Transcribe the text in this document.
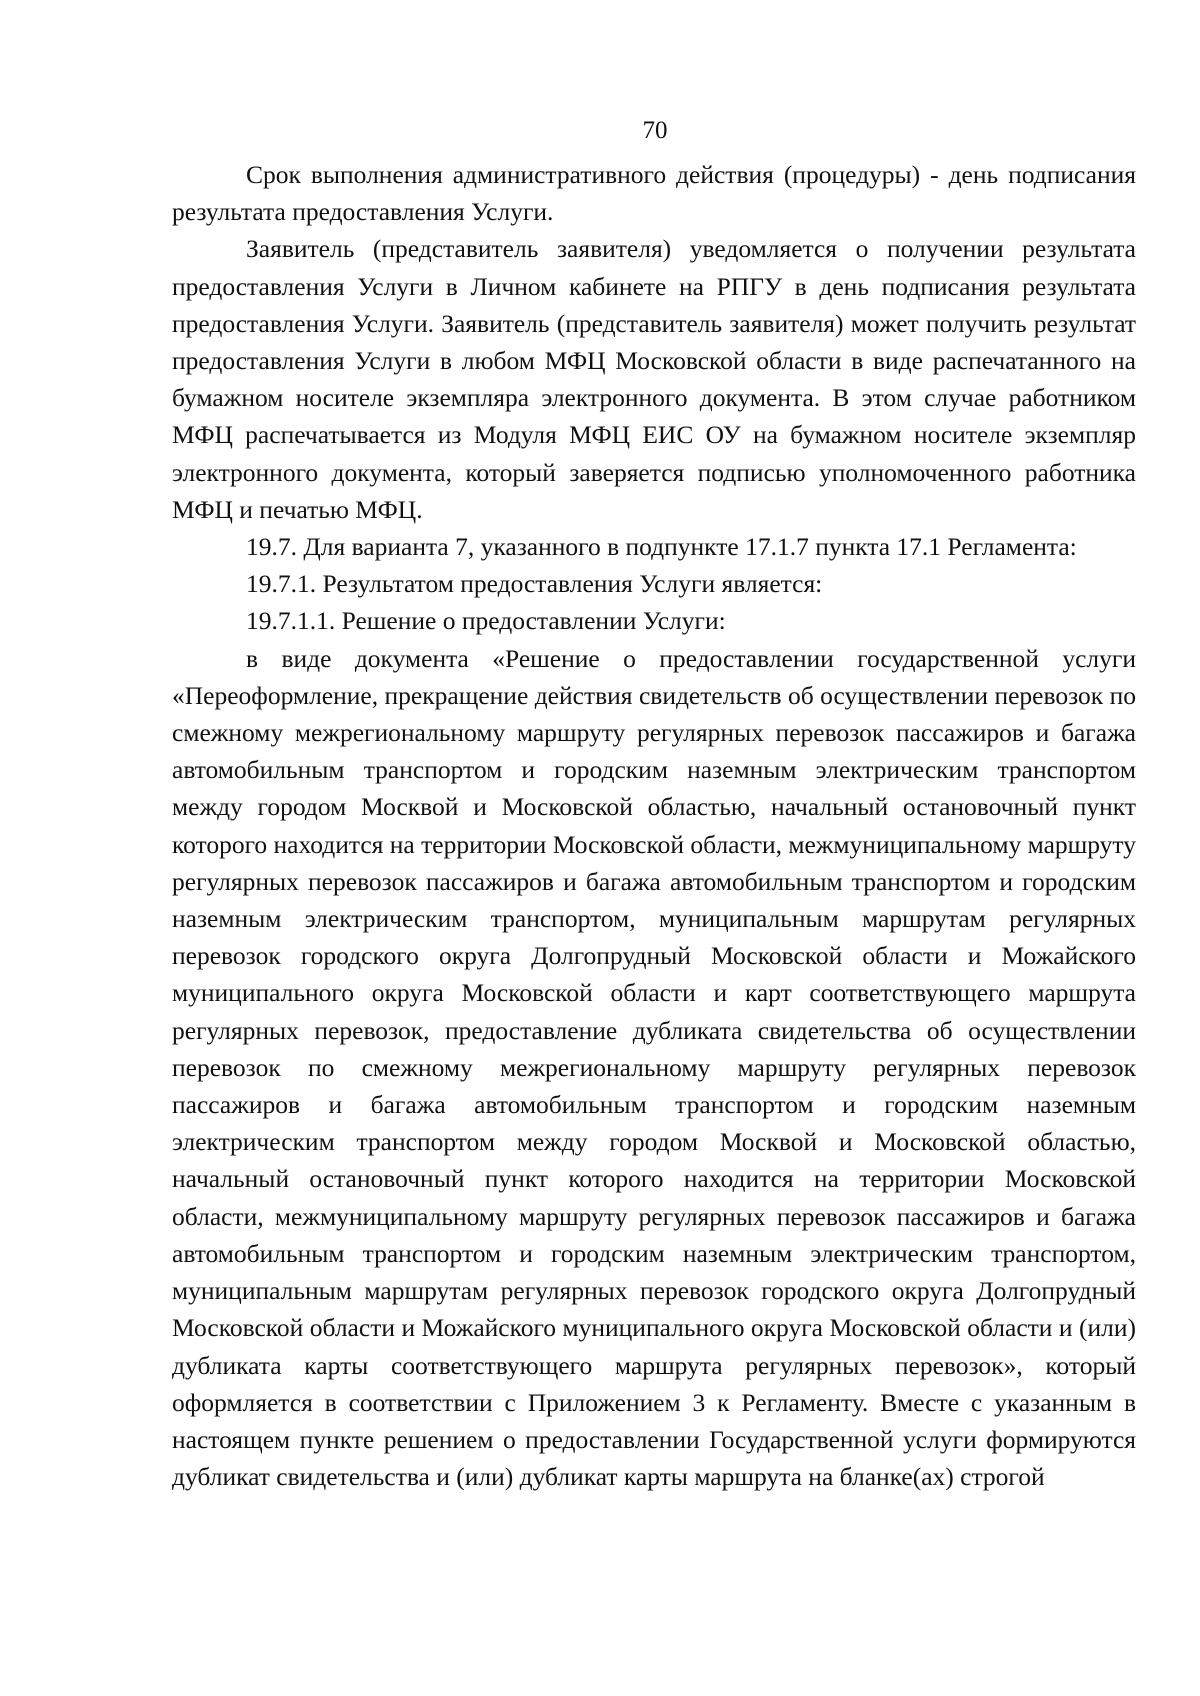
70

Срок выполнения административного действия (процедуры) - день подписания результата предоставления Услуги.

Заявитель (представитель заявителя) уведомляется о получении результата предоставления Услуги в Личном кабинете на РПГУ в день подписания результата предоставления Услуги. Заявитель (представитель заявителя) может получить результат предоставления Услуги в любом МФЦ Московской области в виде распечатанного на бумажном носителе экземпляра электронного документа. В этом случае работником МФЦ распечатывается из Модуля МФЦ ЕИС ОУ на бумажном носителе экземпляр электронного документа, который заверяется подписью уполномоченного работника МФЦ и печатью МФЦ.

19.7. Для варианта 7, указанного в подпункте 17.1.7 пункта 17.1 Регламента:

19.7.1. Результатом предоставления Услуги является:

19.7.1.1. Решение о предоставлении Услуги:

в виде документа «Решение о предоставлении государственной услуги «Переоформление, прекращение действия свидетельств об осуществлении перевозок по смежному межрегиональному маршруту регулярных перевозок пассажиров и багажа автомобильным транспортом и городским наземным электрическим транспортом между городом Москвой и Московской областью, начальный остановочный пункт которого находится на территории Московской области, межмуниципальному маршруту регулярных перевозок пассажиров и багажа автомобильным транспортом и городским наземным электрическим транспортом, муниципальным маршрутам регулярных перевозок городского округа Долгопрудный Московской области и Можайского муниципального округа Московской области и карт соответствующего маршрута регулярных перевозок, предоставление дубликата свидетельства об осуществлении перевозок по смежному межрегиональному маршруту регулярных перевозок пассажиров и багажа автомобильным транспортом и городским наземным электрическим транспортом между городом Москвой и Московской областью, начальный остановочный пункт которого находится на территории Московской области, межмуниципальному маршруту регулярных перевозок пассажиров и багажа автомобильным транспортом и городским наземным электрическим транспортом, муниципальным маршрутам регулярных перевозок городского округа Долгопрудный Московской области и Можайского муниципального округа Московской области и (или) дубликата карты соответствующего маршрута регулярных перевозок», который оформляется в соответствии с Приложением 3 к Регламенту. Вместе с указанным в настоящем пункте решением о предоставлении Государственной услуги формируются дубликат свидетельства и (или) дубликат карты маршрута на бланке(ах) строгой
